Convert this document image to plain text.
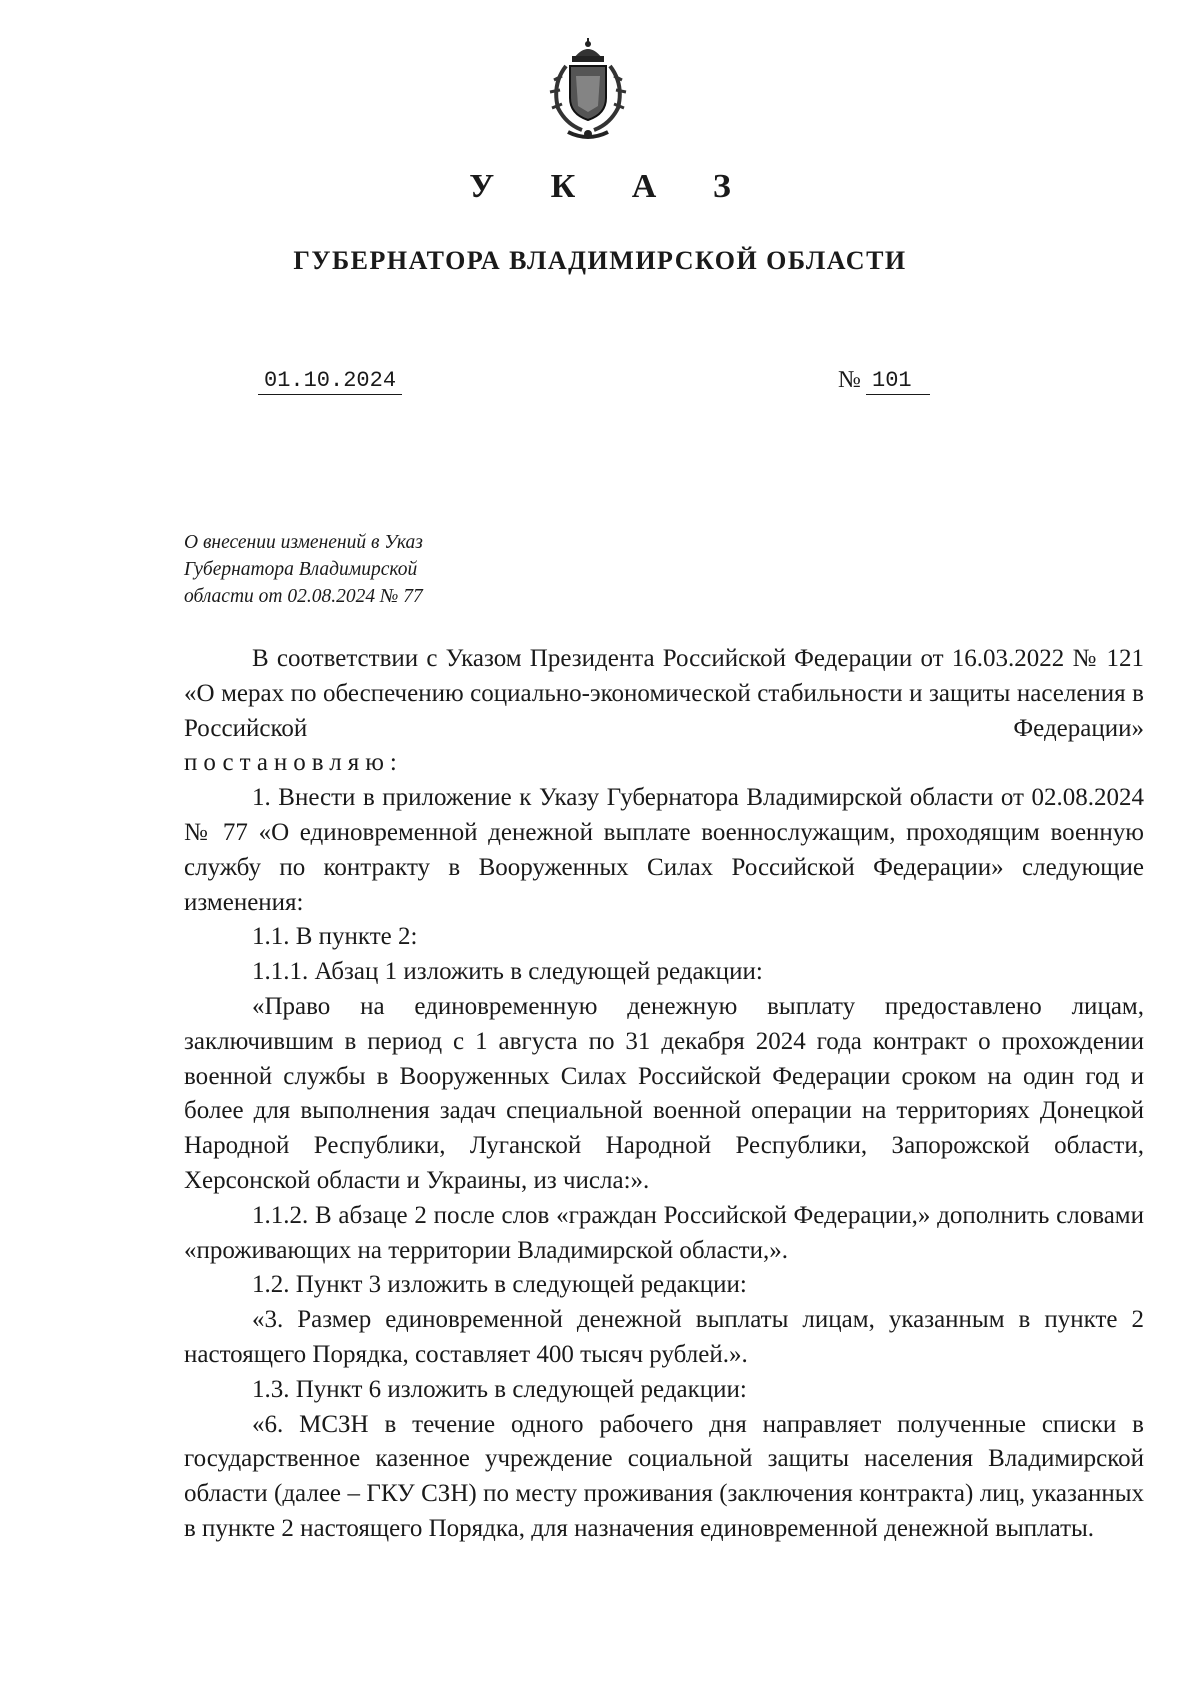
У К А З
ГУБЕРНАТОРА ВЛАДИМИРСКОЙ ОБЛАСТИ
01.10.2024	№ 101
О внесении изменений в Указ
Губернатора Владимирской
области от 02.08.2024 № 77

В соответствии с Указом Президента Российской Федерации от 16.03.2022 № 121 «О мерах по обеспечению социально-экономической стабильности и защиты населения в Российской Федерации»

постановляю:

1. Внести в приложение к Указу Губернатора Владимирской области от 02.08.2024 № 77 «О единовременной денежной выплате военнослужащим, проходящим военную службу по контракту в Вооруженных Силах Российской Федерации» следующие изменения:

1.1. В пункте 2:

1.1.1. Абзац 1 изложить в следующей редакции:

«Право на единовременную денежную выплату предоставлено лицам, заключившим в период с 1 августа по 31 декабря 2024 года контракт о прохождении военной службы в Вооруженных Силах Российской Федерации сроком на один год и более для выполнения задач специальной военной операции на территориях Донецкой Народной Республики, Луганской Народной Республики, Запорожской области, Херсонской области и Украины, из числа:».

1.1.2. В абзаце 2 после слов «граждан Российской Федерации,» дополнить словами «проживающих на территории Владимирской области,».

1.2. Пункт 3 изложить в следующей редакции:

«3. Размер единовременной денежной выплаты лицам, указанным в пункте 2 настоящего Порядка, составляет 400 тысяч рублей.».

1.3. Пункт 6 изложить в следующей редакции:

«6. МСЗН в течение одного рабочего дня направляет полученные списки в государственное казенное учреждение социальной защиты населения Владимирской области (далее – ГКУ СЗН) по месту проживания (заключения контракта) лиц, указанных в пункте 2 настоящего Порядка, для назначения единовременной денежной выплаты.
